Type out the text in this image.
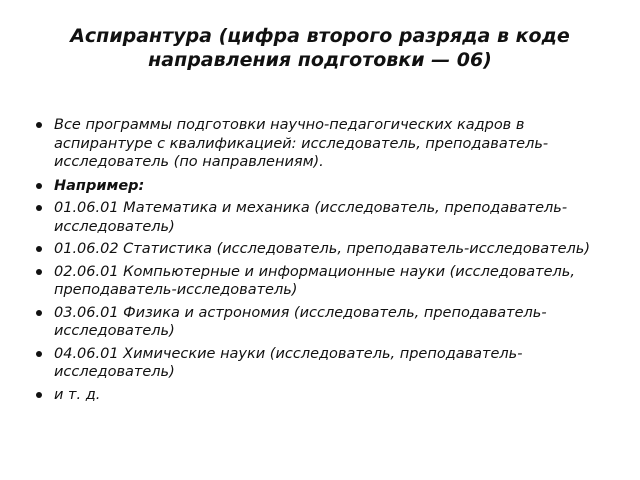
Аспирантура (цифра второго разряда в коде направления подготовки — 06)
Все программы подготовки научно-педагогических кадров в аспирантуре с квалификацией: исследователь, преподаватель-исследователь (по направлениям).
Например:
01.06.01 Математика и механика (исследователь, преподаватель-исследователь)
01.06.02 Статистика (исследователь, преподаватель-исследователь)
02.06.01 Компьютерные и информационные науки (исследователь, преподаватель-исследователь)
03.06.01 Физика и астрономия (исследователь, преподаватель-исследователь)
04.06.01 Химические науки (исследователь, преподаватель-исследователь)
и т. д.
